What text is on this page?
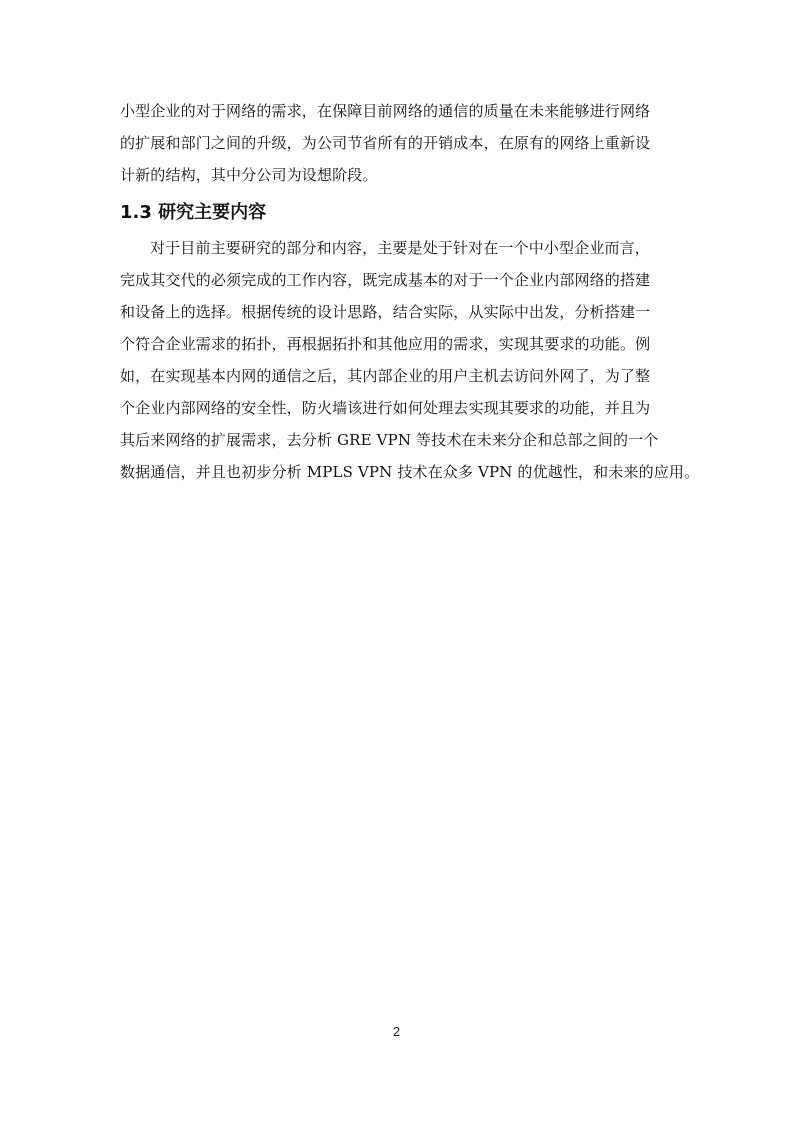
小型企业的对于网络的需求，在保障目前网络的通信的质量在未来能够进行网络
的扩展和部门之间的升级，为公司节省所有的开销成本，在原有的网络上重新设
计新的结构，其中分公司为设想阶段。
1.3 研究主要内容
对于目前主要研究的部分和内容，主要是处于针对在一个中小型企业而言，
完成其交代的必须完成的工作内容，既完成基本的对于一个企业内部网络的搭建
和设备上的选择。根据传统的设计思路，结合实际，从实际中出发，分析搭建一
个符合企业需求的拓扑，再根据拓扑和其他应用的需求，实现其要求的功能。例
如，在实现基本内网的通信之后，其内部企业的用户主机去访问外网了，为了整
个企业内部网络的安全性，防火墙该进行如何处理去实现其要求的功能，并且为
其后来网络的扩展需求，去分析 GRE VPN 等技术在未来分企和总部之间的一个
数据通信，并且也初步分析 MPLS VPN 技术在众多 VPN 的优越性，和未来的应用。
2
